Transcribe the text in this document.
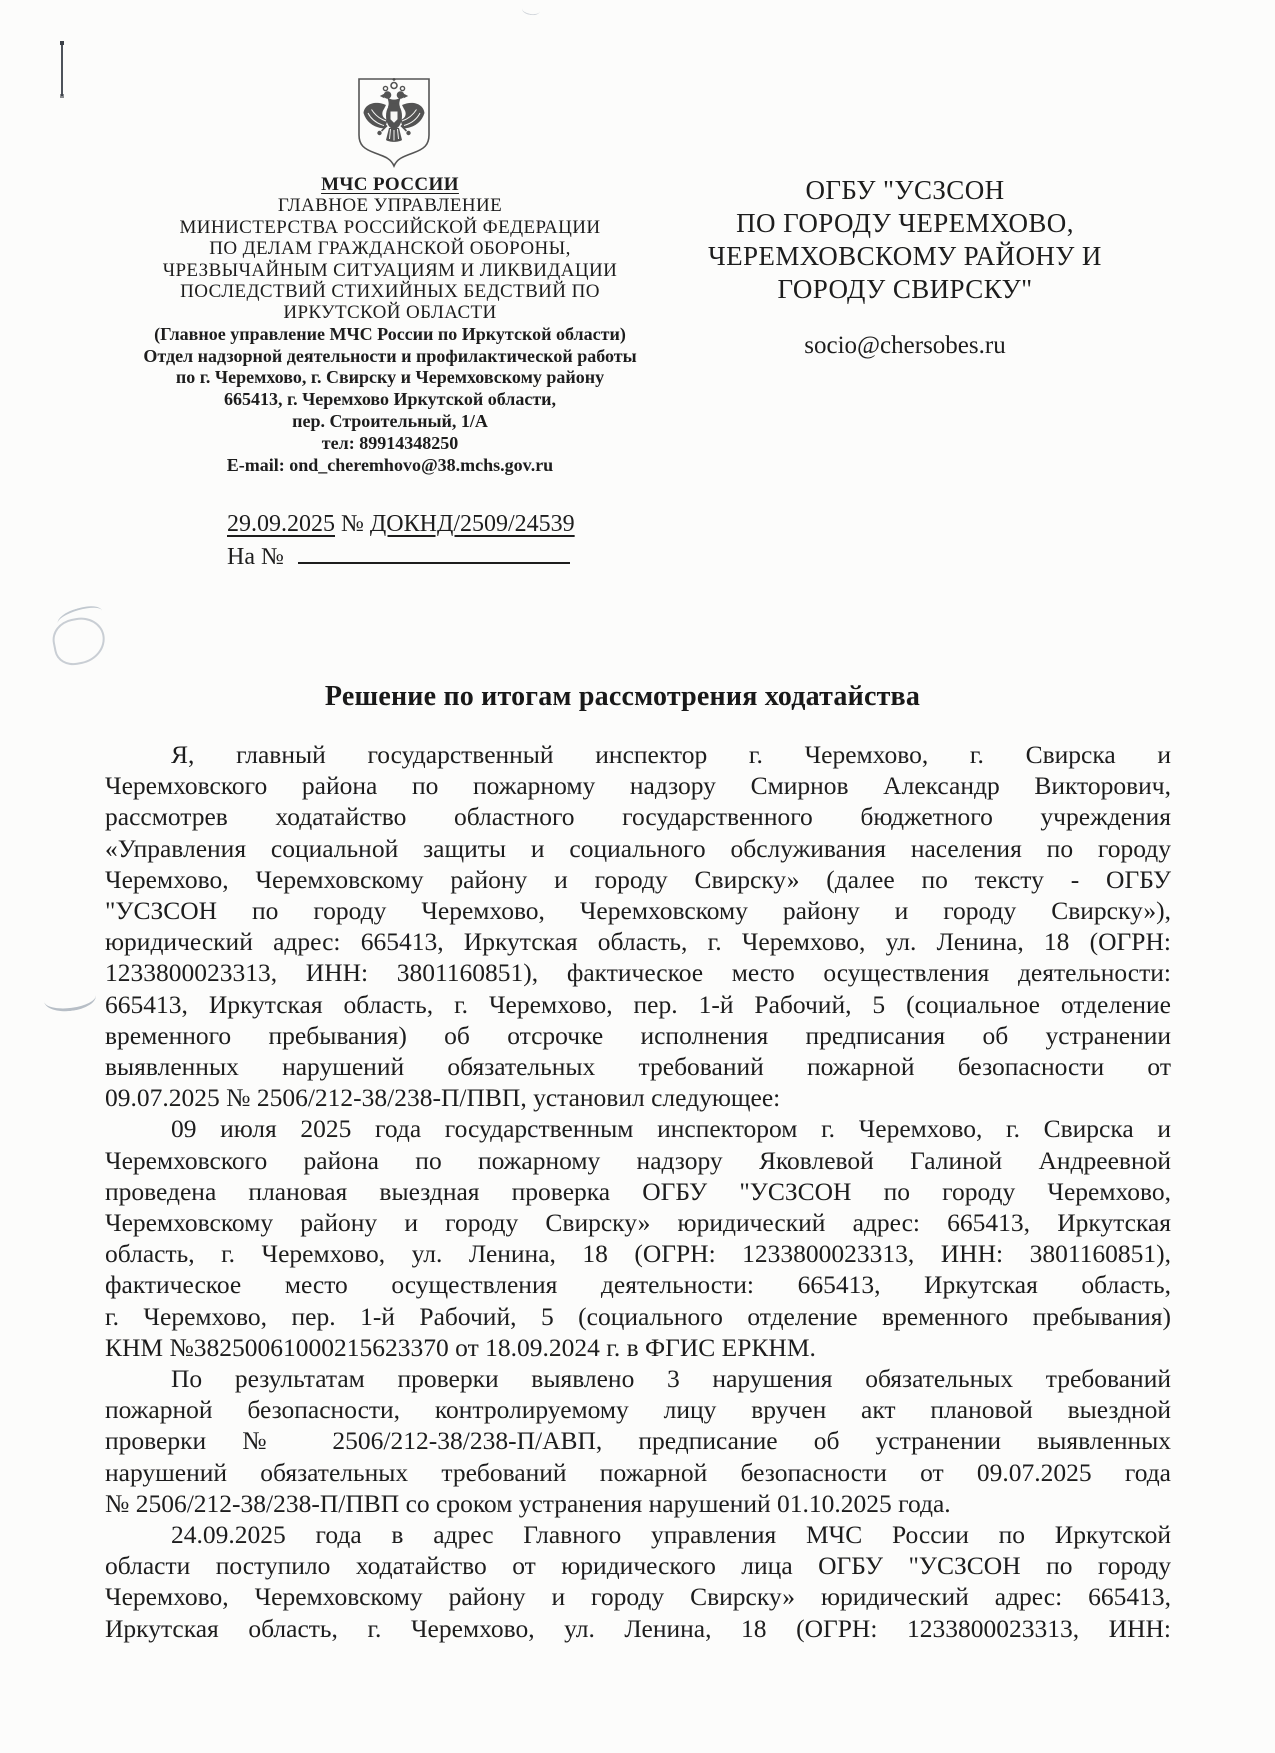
МЧС РОССИИ
ГЛАВНОЕ УПРАВЛЕНИЕ
МИНИСТЕРСТВА РОССИЙСКОЙ ФЕДЕРАЦИИ
ПО ДЕЛАМ ГРАЖДАНСКОЙ ОБОРОНЫ,
ЧРЕЗВЫЧАЙНЫМ СИТУАЦИЯМ И ЛИКВИДАЦИИ
ПОСЛЕДСТВИЙ СТИХИЙНЫХ БЕДСТВИЙ ПО
ИРКУТСКОЙ ОБЛАСТИ
(Главное управление МЧС России по Иркутской области)
Отдел надзорной деятельности и профилактической работы
по г. Черемхово, г. Свирску и Черемховскому району
665413, г. Черемхово Иркутской области,
пер. Строительный, 1/А
тел: 89914348250
E-mail: ond_cheremhovo@38.mchs.gov.ru
ОГБУ "УСЗСОН
ПО ГОРОДУ ЧЕРЕМХОВО,
ЧЕРЕМХОВСКОМУ РАЙОНУ И
ГОРОДУ СВИРСКУ"
socio@chersobes.ru
29.09.2025 № ДОКНД/2509/24539
На №
Решение по итогам рассмотрения ходатайства
Я, главный государственный инспектор г. Черемхово, г. Свирска и
Черемховского района по пожарному надзору Смирнов Александр Викторович,
рассмотрев ходатайство областного государственного бюджетного учреждения
«Управления социальной защиты и социального обслуживания населения по городу
Черемхово, Черемховскому району и городу Свирску» (далее по тексту - ОГБУ
"УСЗСОН по городу Черемхово, Черемховскому району и городу Свирску»),
юридический адрес: 665413, Иркутская область, г. Черемхово, ул. Ленина, 18 (ОГРН:
1233800023313, ИНН: 3801160851), фактическое место осуществления деятельности:
665413, Иркутская область, г. Черемхово, пер. 1-й Рабочий, 5 (социальное отделение
временного пребывания) об отсрочке исполнения предписания об устранении
выявленных нарушений обязательных требований пожарной безопасности от
09.07.2025 № 2506/212-38/238-П/ПВП, установил следующее:
09 июля 2025 года государственным инспектором г. Черемхово, г. Свирска и
Черемховского района по пожарному надзору Яковлевой Галиной Андреевной
проведена плановая выездная проверка ОГБУ "УСЗСОН по городу Черемхово,
Черемховскому району и городу Свирску» юридический адрес: 665413, Иркутская
область, г. Черемхово, ул. Ленина, 18 (ОГРН: 1233800023313, ИНН: 3801160851),
фактическое место осуществления деятельности: 665413, Иркутская область,
г. Черемхово, пер. 1-й Рабочий, 5 (социального отделение временного пребывания)
КНМ №38250061000215623370 от 18.09.2024 г. в ФГИС ЕРКНМ.
По результатам проверки выявлено 3 нарушения обязательных требований
пожарной безопасности, контролируемому лицу вручен акт плановой выездной
проверки № 2506/212-38/238-П/АВП, предписание об устранении выявленных
нарушений обязательных требований пожарной безопасности от 09.07.2025 года
№ 2506/212-38/238-П/ПВП со сроком устранения нарушений 01.10.2025 года.
24.09.2025 года в адрес Главного управления МЧС России по Иркутской
области поступило ходатайство от юридического лица ОГБУ "УСЗСОН по городу
Черемхово, Черемховскому району и городу Свирску» юридический адрес: 665413,
Иркутская область, г. Черемхово, ул. Ленина, 18 (ОГРН: 1233800023313, ИНН:
